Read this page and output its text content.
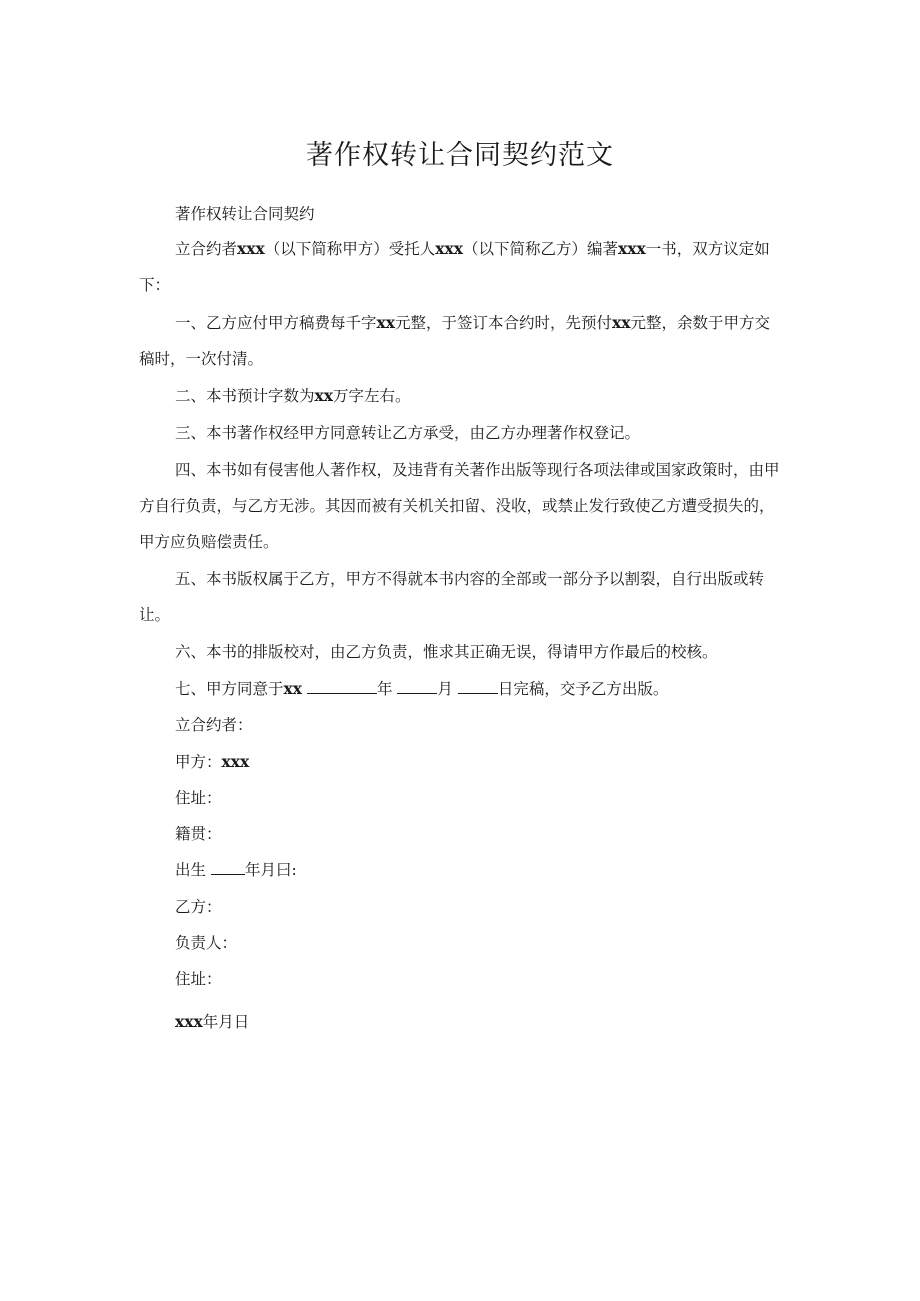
著作权转让合同契约范文
著作权转让合同契约

立合约者xxx（以下简称甲方）受托人xxx（以下简称乙方）编著xxx一书，双方议定如下：

一、乙方应付甲方稿费每千字xx元整，于签订本合约时，先预付xx元整，余数于甲方交稿时，一次付清。

二、本书预计字数为xx万字左右。

三、本书著作权经甲方同意转让乙方承受，由乙方办理著作权登记。

四、本书如有侵害他人著作权，及违背有关著作出版等现行各项法律或国家政策时，由甲方自行负责，与乙方无涉。其因而被有关机关扣留、没收，或禁止发行致使乙方遭受损失的，甲方应负赔偿责任。

五、本书版权属于乙方，甲方不得就本书内容的全部或一部分予以割裂，自行出版或转让。

六、本书的排版校对，由乙方负责，惟求其正确无误，得请甲方作最后的校核。

七、甲方同意于xx	年	月	日完稿，交予乙方出版。
立合约者：
甲方：xxx
住址：
籍贯：
出生	年月曰:
乙方：
负责人：
住址：
xxx年月日
